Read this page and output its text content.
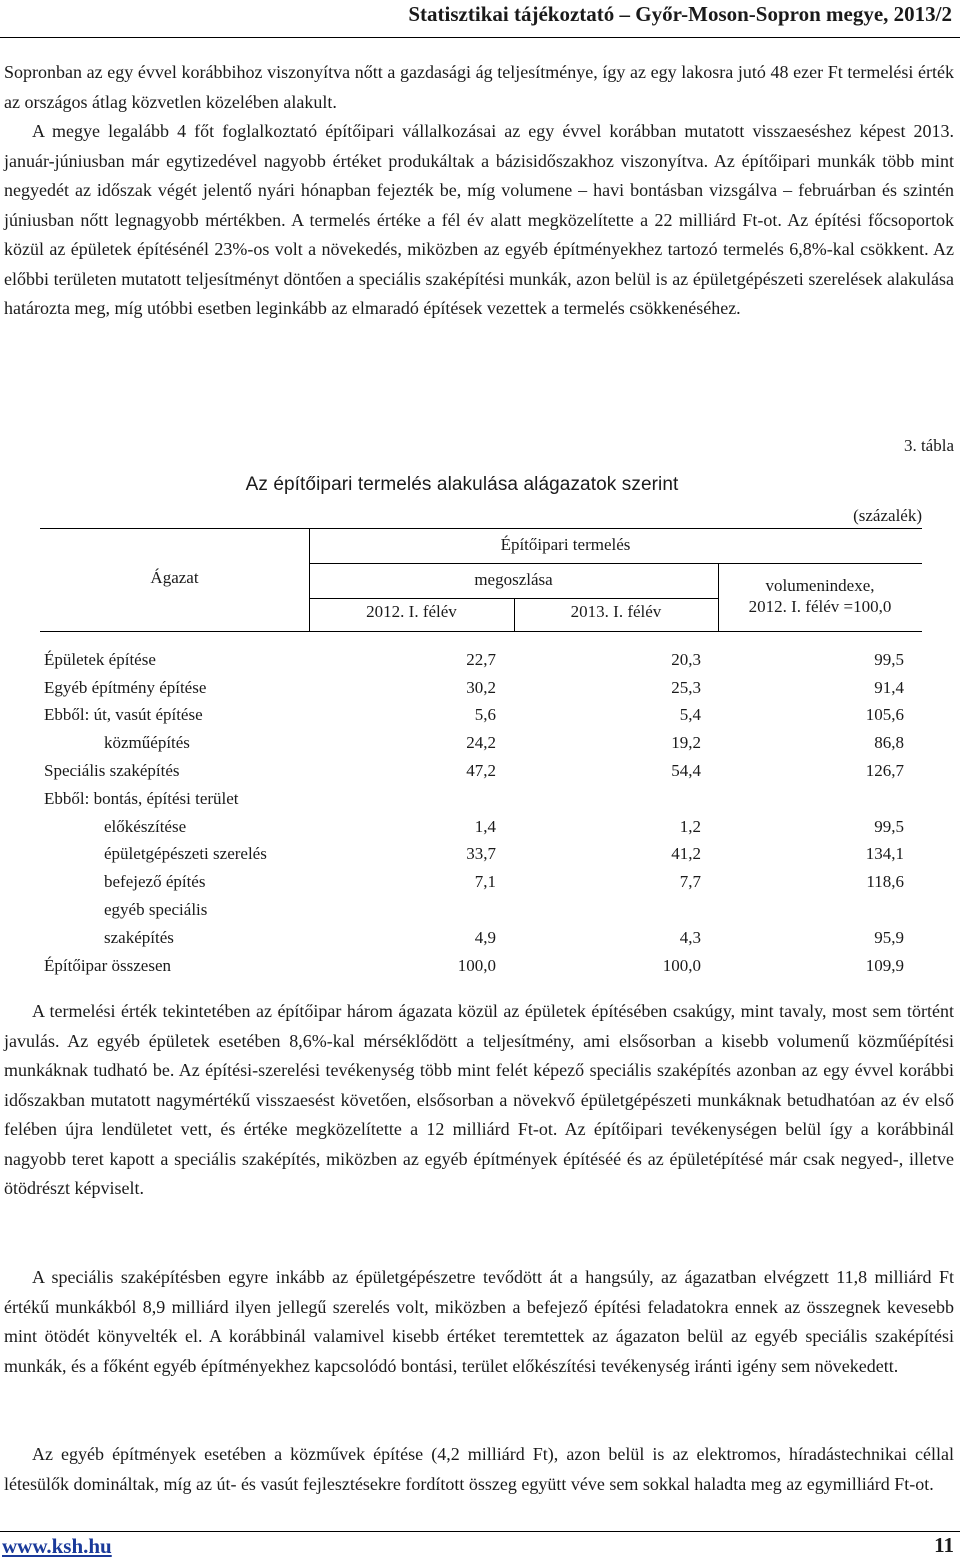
Statisztikai tájékoztató – Győr-Moson-Sopron megye, 2013/2

Sopronban az egy évvel korábbihoz viszonyítva nőtt a gazdasági ág teljesítménye, így az egy lakosra jutó 48 ezer Ft termelési érték az országos átlag közvetlen közelében alakult.

A megye legalább 4 főt foglalkoztató építőipari vállalkozásai az egy évvel korábban mutatott visszaeséshez képest 2013. január-júniusban már egytizedével nagyobb értéket produkáltak a bázisidőszakhoz viszonyítva. Az építőipari munkák több mint negyedét az időszak végét jelentő nyári hónapban fejezték be, míg volumene – havi bontásban vizsgálva – februárban és szintén júniusban nőtt legnagyobb mértékben. A termelés értéke a fél év alatt megközelítette a 22 milliárd Ft-ot. Az építési főcsoportok közül az épületek építésénél 23%-os volt a növekedés, miközben az egyéb építményekhez tartozó termelés 6,8%-kal csökkent. Az előbbi területen mutatott teljesítményt döntően a speciális szaképítési munkák, azon belül is az épületgépészeti szerelések alakulása határozta meg, míg utóbbi esetben leginkább az elmaradó építések vezettek a termelés csökkenéséhez.

3. tábla
Az építőipari termelés alakulása alágazatok szerint
(százalék)
Ágazat
Építőipari termelés
megoszlása
2012. I. félév	2013. I. félév
volumenindexe,
2012. I. félév =100,0
Épületek építése	22,7	20,3	99,5
Egyéb építmény építése	30,2	25,3	91,4
Ebből: út, vasút építése	5,6	5,4	105,6
közműépítés	24,2	19,2	86,8
Speciális szaképítés	47,2	54,4	126,7
Ebből: bontás, építési terület			
előkészítése	1,4	1,2	99,5
épületgépészeti szerelés	33,7	41,2	134,1
befejező építés	7,1	7,7	118,6
egyéb speciális			
szaképítés	4,9	4,3	95,9
Építőipar összesen	100,0	100,0	109,9

A termelési érték tekintetében az építőipar három ágazata közül az épületek építésében csakúgy, mint tavaly, most sem történt javulás. Az egyéb épületek esetében 8,6%-kal mérséklődött a teljesítmény, ami elsősorban a kisebb volumenű közműépítési munkáknak tudható be. Az építési-szerelési tevékenység több mint felét képező speciális szaképítés azonban az egy évvel korábbi időszakban mutatott nagymértékű visszaesést követően, elsősorban a növekvő épületgépészeti munkáknak betudhatóan az év első felében újra lendületet vett, és értéke megközelítette a 12 milliárd Ft-ot. Az építőipari tevékenységen belül így a korábbinál nagyobb teret kapott a speciális szaképítés, miközben az egyéb építmények építéséé és az épületépítésé már csak negyed-, illetve ötödrészt képviselt.

A speciális szaképítésben egyre inkább az épületgépészetre tevődött át a hangsúly, az ágazatban elvégzett 11,8 milliárd Ft értékű munkákból 8,9 milliárd ilyen jellegű szerelés volt, miközben a befejező építési feladatokra ennek az összegnek kevesebb mint ötödét könyvelték el. A korábbinál valamivel kisebb értéket teremtettek az ágazaton belül az egyéb speciális szaképítési munkák, és a főként egyéb építményekhez kapcsolódó bontási, terület előkészítési tevékenység iránti igény sem növekedett.

Az egyéb építmények esetében a közművek építése (4,2 milliárd Ft), azon belül is az elektromos, híradástechnikai céllal létesülők domináltak, míg az út- és vasút fejlesztésekre fordított összeg együtt véve sem sokkal haladta meg az egymilliárd Ft-ot.

www.ksh.hu	11
